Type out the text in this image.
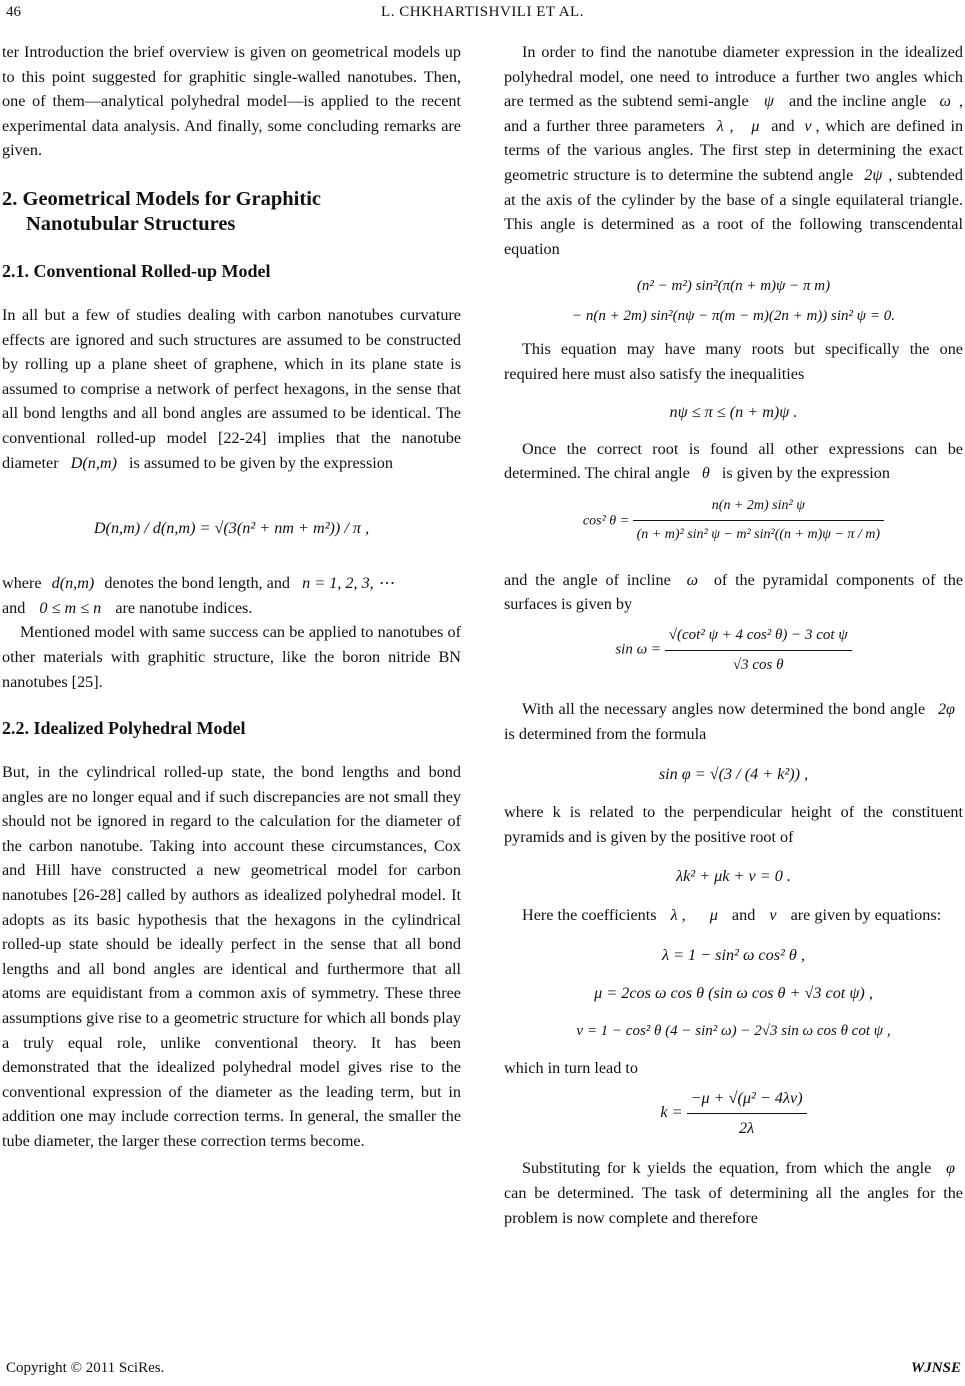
46	L. CHKHARTISHVILI ET AL.

ter Introduction the brief overview is given on geometrical models up to this point suggested for graphitic single-walled nanotubes. Then, one of them—analytical polyhedral model—is applied to the recent experimental data analysis. And finally, some concluding remarks are given.

2. Geometrical Models for Graphitic
Nanotubular Structures
2.1. Conventional Rolled-up Model

In all but a few of studies dealing with carbon nanotubes curvature effects are ignored and such structures are assumed to be constructed by rolling up a plane sheet of graphene, which in its plane state is assumed to comprise a network of perfect hexagons, in the sense that all bond lengths and all bond angles are assumed to be identical. The conventional rolled-up model [22-24] implies that the nanotube diameter D(n,m) is assumed to be given by the expression

D(n,m) / d(n,m) = √(3(n² + nm + m²)) / π ,

where d(n,m) denotes the bond length, and n = 1, 2, 3, ⋯

and 0 ≤ m ≤ n are nanotube indices.

Mentioned model with same success can be applied to nanotubes of other materials with graphitic structure, like the boron nitride BN nanotubes [25].

2.2. Idealized Polyhedral Model

But, in the cylindrical rolled-up state, the bond lengths and bond angles are no longer equal and if such discrepancies are not small they should not be ignored in regard to the calculation for the diameter of the carbon nanotube. Taking into account these circumstances, Cox and Hill have constructed a new geometrical model for carbon nanotubes [26-28] called by authors as idealized polyhedral model. It adopts as its basic hypothesis that the hexagons in the cylindrical rolled-up state should be ideally perfect in the sense that all bond lengths and all bond angles are identical and furthermore that all atoms are equidistant from a common axis of symmetry. These three assumptions give rise to a geometric structure for which all bonds play a truly equal role, unlike conventional theory. It has been demonstrated that the idealized polyhedral model gives rise to the conventional expression of the diameter as the leading term, but in addition one may include correction terms. In general, the smaller the tube diameter, the larger these correction terms become.

In order to find the nanotube diameter expression in the idealized polyhedral model, one need to introduce a further two angles which are termed as the subtend semi-angle ψ and the incline angle ω , and a further three parameters λ , μ and ν , which are defined in terms of the various angles. The first step in determining the exact geometric structure is to determine the subtend angle 2ψ , subtended at the axis of the cylinder by the base of a single equilateral triangle. This angle is determined as a root of the following transcendental equation

(n² − m²) sin²(π(n + m)ψ − π m)
− n(n + 2m) sin²(nψ − π(m − m)(2n + m)) sin² ψ = 0.

This equation may have many roots but specifically the one required here must also satisfy the inequalities

nψ ≤ π ≤ (n + m)ψ .

Once the correct root is found all other expressions can be determined. The chiral angle θ is given by the expression

cos² $\theta = \frac{\text{n(n + 2m) sin² ψ}}{\text{(n + m)² sin² ψ − m² sin²((n + m)ψ − π / m)}}$

and the angle of incline ω of the pyramidal components of the surfaces is given by

$\sin \omega = \frac{\text{√(cot² ψ + 4 cos² θ) − 3 cot ψ}}{\text{√3 cos θ}}$

With all the necessary angles now determined the bond angle 2φ is determined from the formula

sin φ = √(3 / (4 + k²)) ,

where k is related to the perpendicular height of the constituent pyramids and is given by the positive root of

λk² + μk + ν = 0 .

Here the coefficients λ , μ and ν are given by equations:

λ = 1 − sin² ω cos² θ ,
μ = 2cos ω cos θ (sin ω cos θ + √3 cot ψ) ,
ν = 1 − cos² θ (4 − sin² ω) − 2√3 sin ω cos θ cot ψ ,

which in turn lead to

$k = \frac{\text{−μ + √(μ² − 4λν)}}{2\lambda}$

Substituting for k yields the equation, from which the angle φ can be determined. The task of determining all the angles for the problem is now complete and therefore

Copyright © 2011 SciRes.	WJNSE
